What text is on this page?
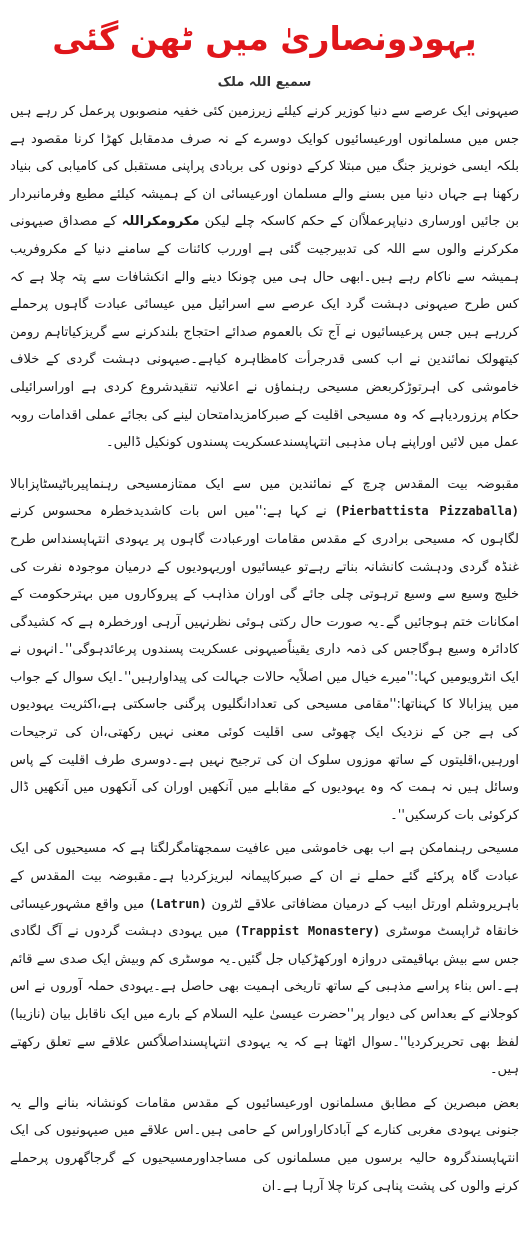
یہودونصاریٰ میں ٹھن گئی
سمیع اللہ ملک

صیہونی ایک عرصے سے دنیا کوزیر کرنے کیلئے زیرزمین کئی خفیہ منصوبوں پرعمل کر رہے ہیں جس میں مسلمانوں اورعیسائیوں کوایک دوسرے کے نہ صرف مدمقابل کھڑا کرنا مقصود ہے بلکہ ایسی خونریز جنگ میں مبتلا کرکے دونوں کی بربادی پراپنی مستقبل کی کامیابی کی بنیاد رکھنا ہے جہاں دنیا میں بسنے والے مسلمان اورعیسائی ان کے ہمیشہ کیلئے مطیع وفرمانبردار بن جائیں اورساری دنیاپرعملاًان کے حکم کاسکہ چلے لیکن مکرومکراللہ کے مصداق صیہونی مکرکرنے والوں سے اللہ کی تدبیرجیت گئی ہے اوررب کائنات کے سامنے دنیا کے مکروفریب ہمیشہ سے ناکام رہے ہیں۔ابھی حال ہی میں چونکا دینے والے انکشافات سے پتہ چلا ہے کہ کس طرح صیہونی دہشت گرد ایک عرصے سے اسرائیل میں عیسائی عبادت گاہوں پرحملے کررہے ہیں جس پرعیسائیوں نے آج تک بالعموم صدائے احتجاج بلندکرنے سے گریزکیاتاہم رومن کیتھولک نمائندین نے اب کسی قدرجرأت کامظاہرہ کیاہے۔صیہونی دہشت گردی کے خلاف خاموشی کی اہرتوڑکربعض مسیحی رہنماؤں نے اعلانیہ تنقیدشروع کردی ہے اوراسرائیلی حکام پرزوردیاہے کہ وہ مسیحی اقلیت کے صبرکامزیدامتحان لینے کی بجائے عملی اقدامات روبہ عمل میں لائیں اوراپنے ہاں مذہبی انتہاپسندعسکریت پسندوں کونکیل ڈالیں۔

مقبوضہ بیت المقدس چرچ کے نمائندین میں سے ایک ممتازمسیحی رہنماپیرباٹیسٹاپزابالا (Pierbattista Pizzaballa) نے کہا ہے:''میں اس بات کاشدیدخطرہ محسوس کرنے لگاہوں کہ مسیحی برادری کے مقدس مقامات اورعبادت گاہوں پر یہودی انتہاپسنداس طرح غنڈہ گردی ودہشت کانشانہ بناتے رہےتو عیسائیوں اوریہودیوں کے درمیان موجودہ نفرت کی خلیج وسیع سے وسیع ترہوتی چلی جائے گی اوران مذاہب کے پیروکاروں میں بہترحکومت کے امکانات ختم ہوجائیں گے۔یہ صورت حال رکتی ہوئی نظرنہیں آرہی اورخطرہ ہے کہ کشیدگی کادائرہ وسیع ہوگاجس کی ذمہ داری یقیناًصیہونی عسکریت پسندوں پرعائدہوگی''۔انہوں نے ایک انٹرویومیں کہا:''میرے خیال میں اصلاًیہ حالات جہالت کی پیداوارہیں''۔ایک سوال کے جواب میں پیزابالا کا کہناتھا:''مقامی مسیحی کی تعدادانگلیوں پرگنی جاسکتی ہے،اکثریت یہودیوں کی ہے جن کے نزدیک ایک چھوٹی سی اقلیت کوئی معنی نہیں رکھتی،ان کی ترجیحات اورہیں،اقلیتوں کے ساتھ موزوں سلوک ان کی ترجیح نہیں ہے۔دوسری طرف اقلیت کے پاس وسائل ہیں نہ ہمت کہ وہ یہودیوں کے مقابلے میں آنکھیں اوران کی آنکھوں میں آنکھیں ڈال کرکوئی بات کرسکیں''۔

مسیحی رہنمامکن ہے اب بھی خاموشی میں عافیت سمجھتامگرلگتا ہے کہ مسیحیوں کی ایک عبادت گاہ پرکئے گئے حملے نے ان کے صبرکاپیمانہ لبریزکردیا ہے۔مقبوضہ بیت المقدس کے باہریروشلم اورتل ابیب کے درمیان مضافاتی علاقے لٹرون (Latrun) میں واقع مشہورعیسائی خانقاہ ٹراپسٹ موسٹری (Trappist Monastery) میں یہودی دہشت گردوں نے آگ لگادی جس سے بیش بہاقیمتی دروازہ اورکھڑکیاں جل گئیں۔یہ موسٹری کم وبیش ایک صدی سے قائم ہے۔اس بناء پراسے مذہبی کے ساتھ تاریخی اہمیت بھی حاصل ہے۔یہودی حملہ آوروں نے اس کوجلانے کے بعداس کی دیوار پر''حضرت عیسیٰ علیہ السلام کے بارے میں ایک ناقابل بیان (نازیبا) لفظ بھی تحریرکردیا''۔سوال اٹھتا ہے کہ یہ یہودی انتہاپسنداصلاًکس علاقے سے تعلق رکھتے ہیں۔

بعض مبصرین کے مطابق مسلمانوں اورعیسائیوں کے مقدس مقامات کونشانہ بنانے والے یہ جنونی یہودی مغربی کنارے کے آبادکاراوراس کے حامی ہیں۔اس علاقے میں صیہونیوں کی ایک انتہاپسندگروہ حالیہ برسوں میں مسلمانوں کی مساجداورمسیحیوں کے گرجاگھروں پرحملے کرنے والوں کی پشت پناہی کرتا چلا آرہا ہے۔ان
